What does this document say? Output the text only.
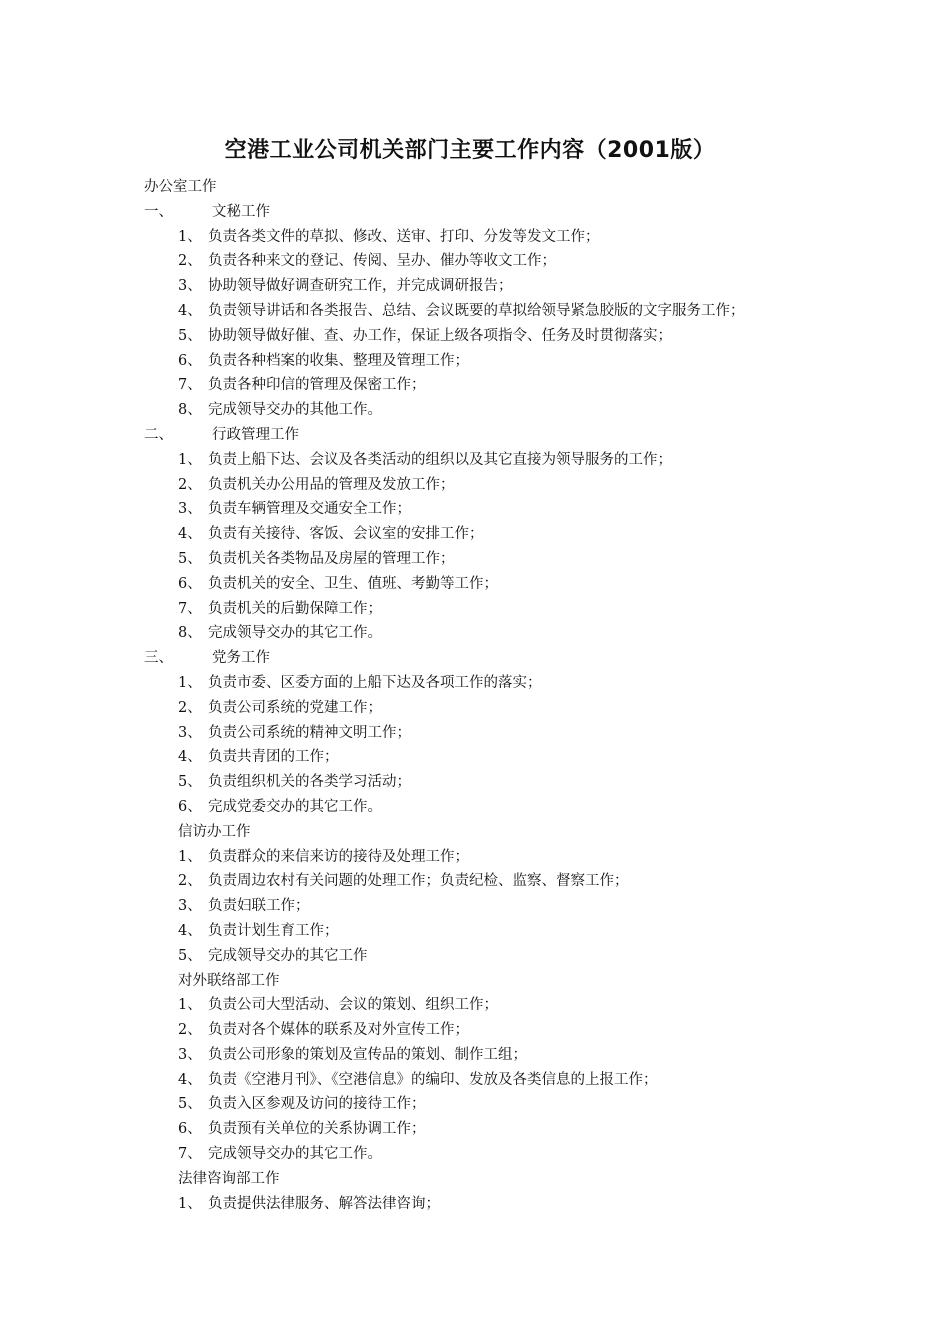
空港工业公司机关部门主要工作内容（2001版）
办公室工作
一、	文秘工作
1、 负责各类文件的草拟、修改、送审、打印、分发等发文工作；
2、 负责各种来文的登记、传阅、呈办、催办等收文工作；
3、 协助领导做好调查研究工作，并完成调研报告；
4、 负责领导讲话和各类报告、总结、会议既要的草拟给领导紧急胶版的文字服务工作；
5、 协助领导做好催、查、办工作，保证上级各项指令、任务及时贯彻落实；
6、 负责各种档案的收集、整理及管理工作；
7、 负责各种印信的管理及保密工作；
8、 完成领导交办的其他工作。
二、	行政管理工作
1、 负责上船下达、会议及各类活动的组织以及其它直接为领导服务的工作；
2、 负责机关办公用品的管理及发放工作；
3、 负责车辆管理及交通安全工作；
4、 负责有关接待、客饭、会议室的安排工作；
5、 负责机关各类物品及房屋的管理工作；
6、 负责机关的安全、卫生、值班、考勤等工作；
7、 负责机关的后勤保障工作；
8、 完成领导交办的其它工作。
三、	党务工作
1、 负责市委、区委方面的上船下达及各项工作的落实；
2、 负责公司系统的党建工作；
3、 负责公司系统的精神文明工作；
4、 负责共青团的工作；
5、 负责组织机关的各类学习活动；
6、 完成党委交办的其它工作。
信访办工作
1、 负责群众的来信来访的接待及处理工作；
2、 负责周边农村有关问题的处理工作；负责纪检、监察、督察工作；
3、 负责妇联工作；
4、 负责计划生育工作；
5、 完成领导交办的其它工作
对外联络部工作
1、 负责公司大型活动、会议的策划、组织工作；
2、 负责对各个媒体的联系及对外宣传工作；
3、 负责公司形象的策划及宣传品的策划、制作工组；
4、 负责《空港月刊》、《空港信息》的编印、发放及各类信息的上报工作；
5、 负责入区参观及访问的接待工作；
6、 负责预有关单位的关系协调工作；
7、 完成领导交办的其它工作。
法律咨询部工作
1、 负责提供法律服务、解答法律咨询；
